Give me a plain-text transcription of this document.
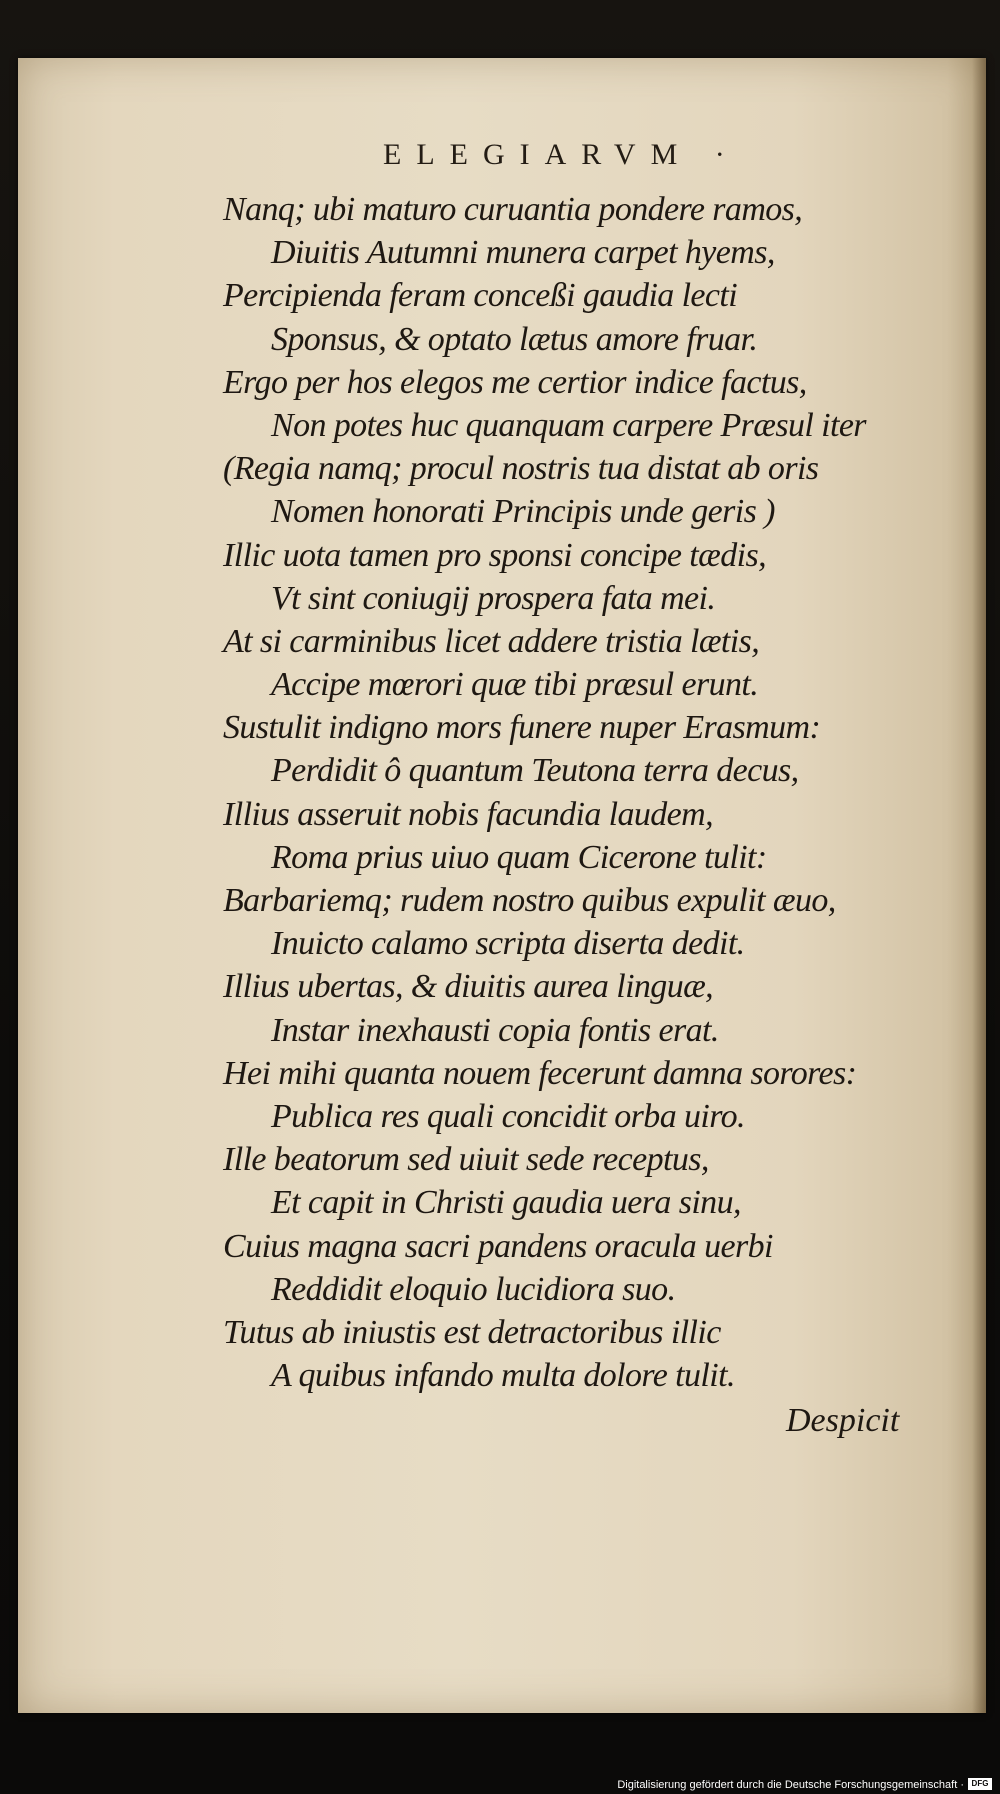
ELEGIARVM ·
Nanq; ubi maturo curuantia pondere ramos,
Diuitis Autumni munera carpet hyems,
Percipienda feram conceßi gaudia lecti
Sponsus, & optato lætus amore fruar.
Ergo per hos elegos me certior indice factus,
Non potes huc quanquam carpere Præsul iter
(Regia namq; procul nostris tua distat ab oris
Nomen honorati Principis unde geris )
Illic uota tamen pro sponsi concipe tædis,
Vt sint coniugij prospera fata mei.
At si carminibus licet addere tristia lætis,
Accipe mœrori quæ tibi præsul erunt.
Sustulit indigno mors funere nuper Erasmum:
Perdidit ô quantum Teutona terra decus,
Illius asseruit nobis facundia laudem,
Roma prius uiuo quam Cicerone tulit:
Barbariemq; rudem nostro quibus expulit æuo,
Inuicto calamo scripta diserta dedit.
Illius ubertas, & diuitis aurea linguæ,
Instar inexhausti copia fontis erat.
Hei mihi quanta nouem fecerunt damna sorores:
Publica res quali concidit orba uiro.
Ille beatorum sed uiuit sede receptus,
Et capit in Christi gaudia uera sinu,
Cuius magna sacri pandens oracula uerbi
Reddidit eloquio lucidiora suo.
Tutus ab iniustis est detractoribus illic
A quibus infando multa dolore tulit.
Despicit
Digitalisierung gefördert durch die Deutsche Forschungsgemeinschaft · DFG
